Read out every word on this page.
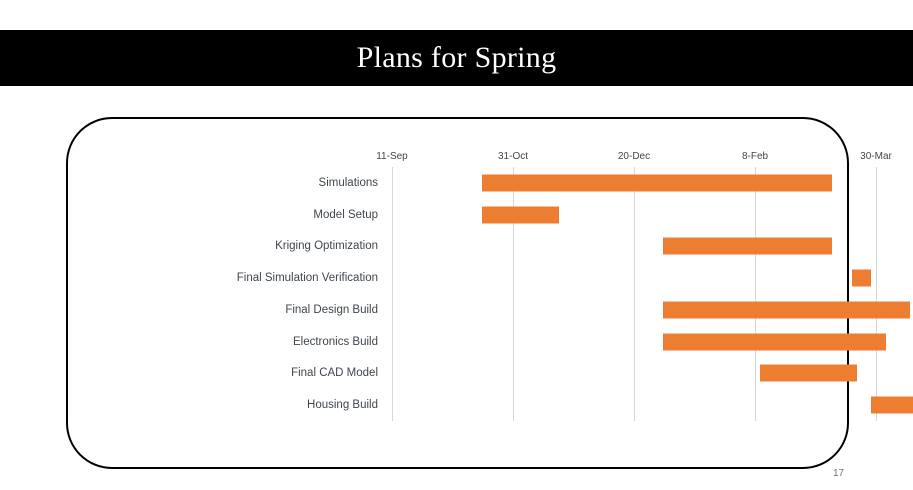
Plans for Spring
11-Sep	31-Oct	20-Dec	8-Feb	30-Mar
Simulations
Model Setup
Kriging Optimization
Final Simulation Verification
Final Design Build
Electronics Build
Final CAD Model
Housing Build
17
